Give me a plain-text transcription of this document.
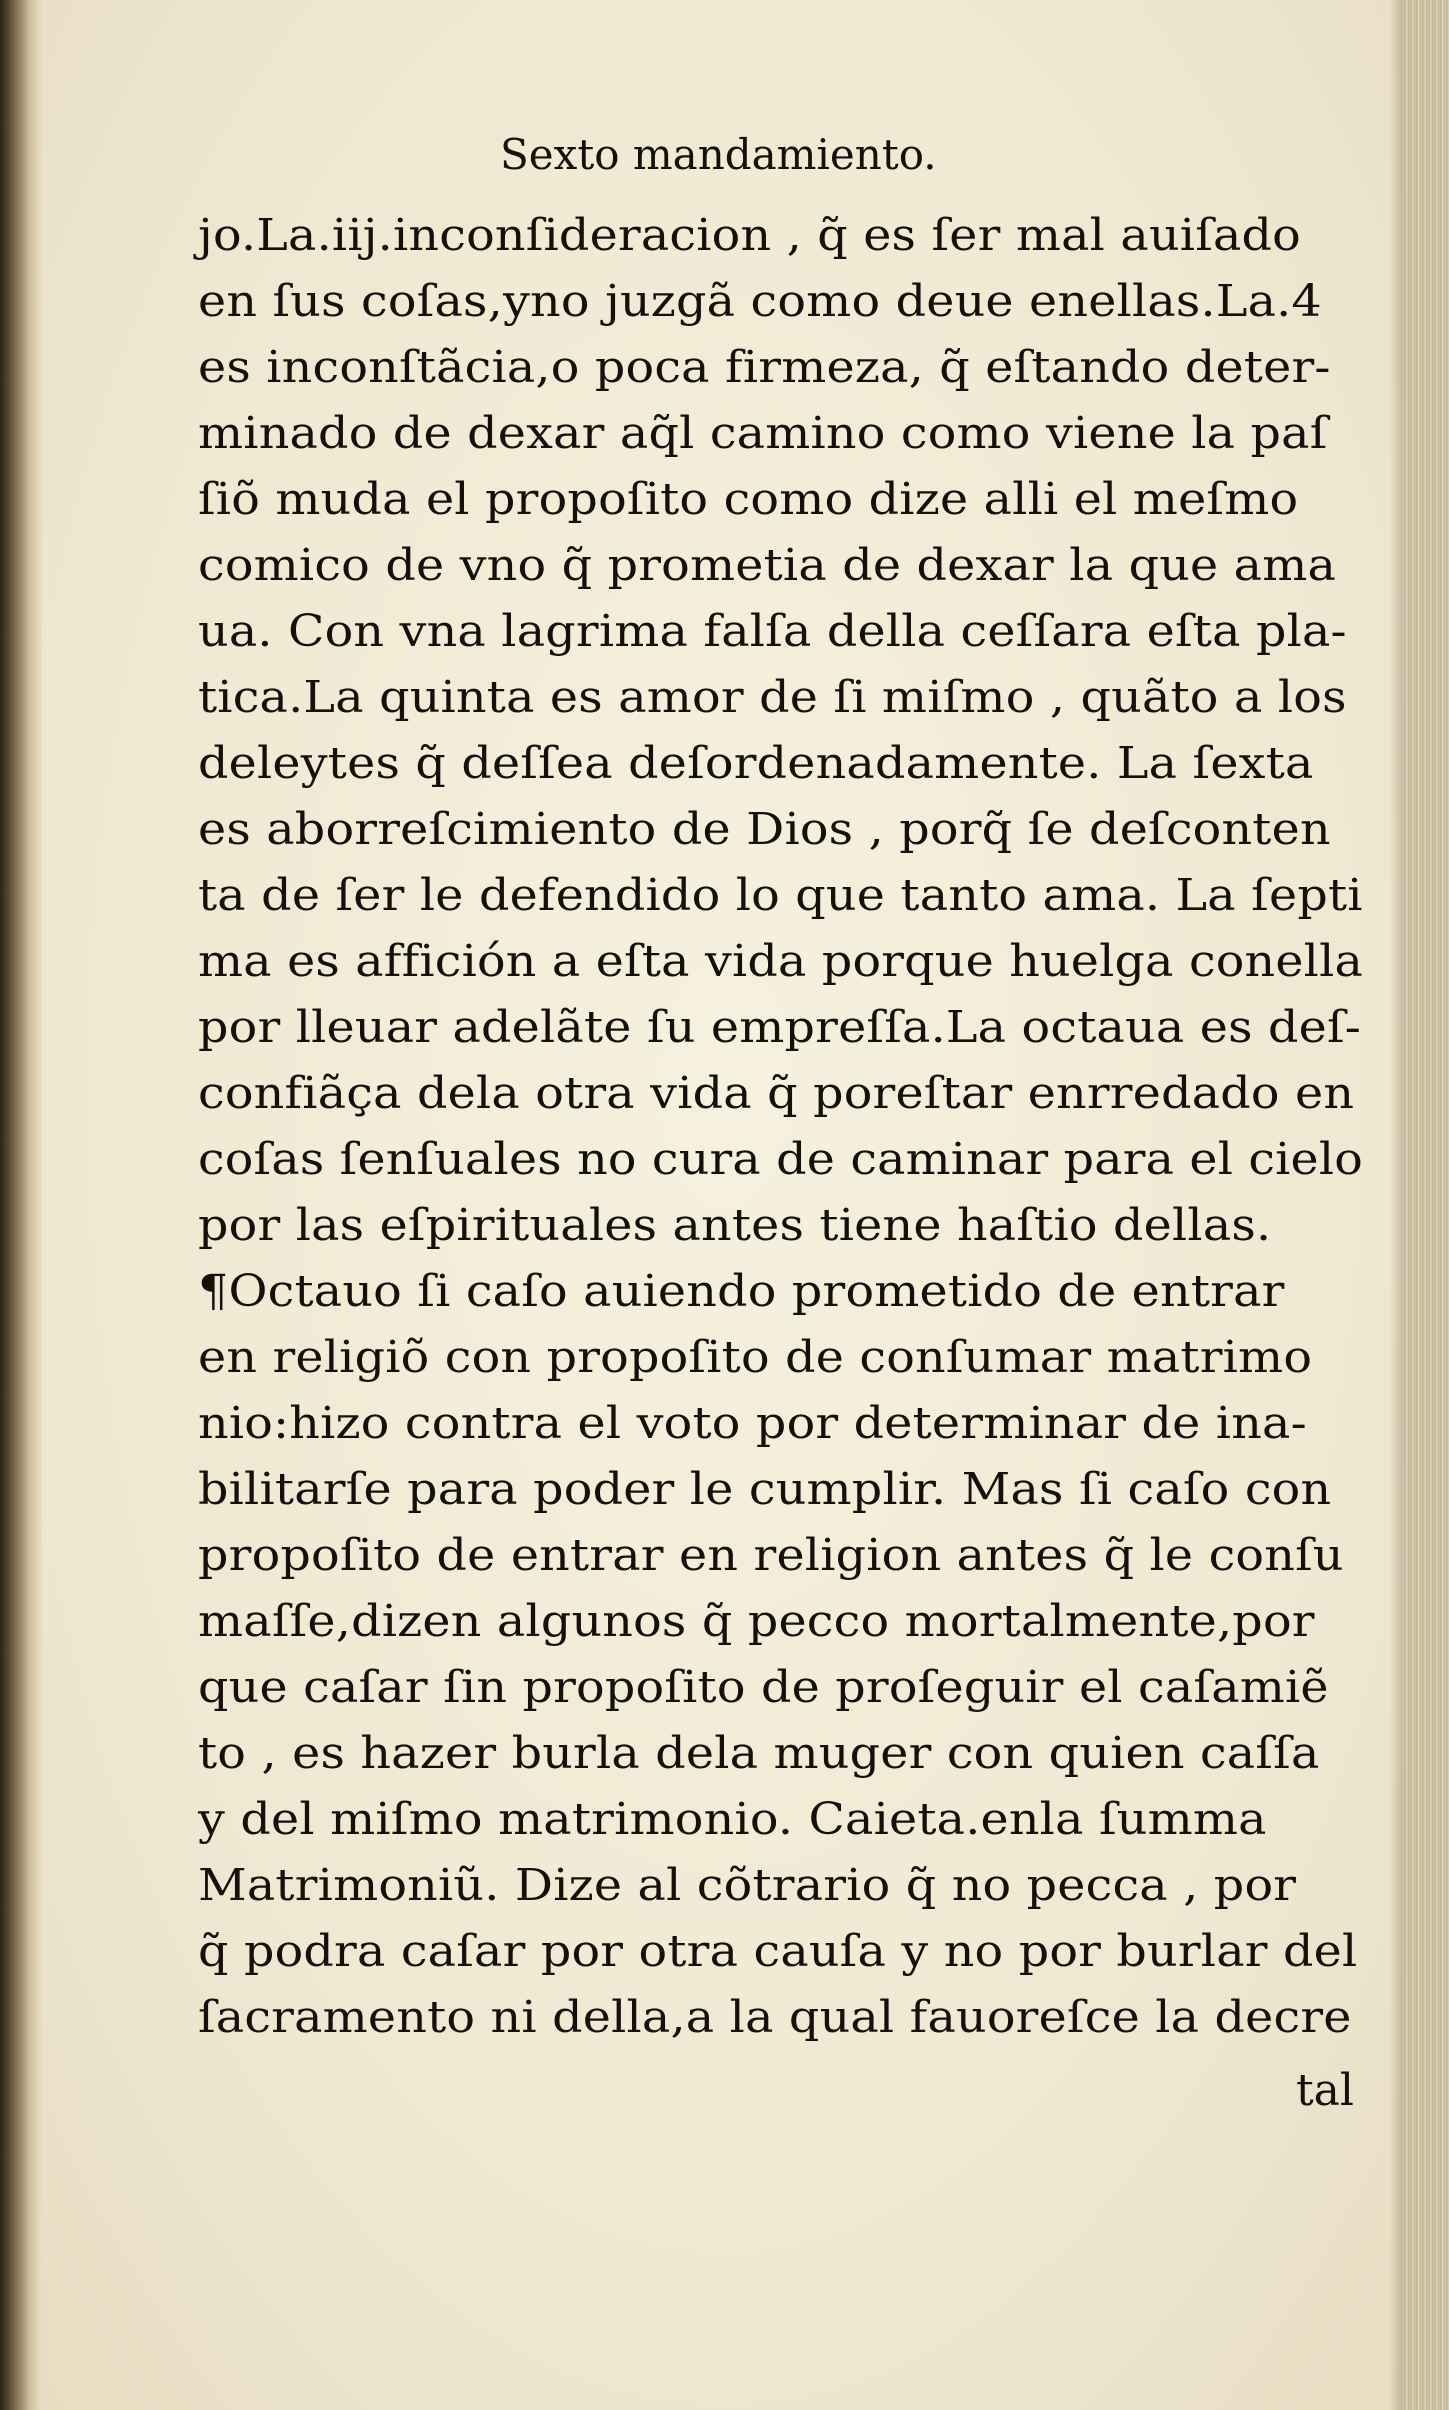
Sexto mandamiento.
jo.La.iij.inconſideracion , q̃ es ſer mal auiſado
en ſus coſas,yno juzgã como deue enellas.La.4
es inconſtãcia,o poca firmeza, q̃ eſtando deter-
minado de dexar aq̃l camino como viene la paſ
ſiõ muda el propoſito como dize alli el meſmo
comico de vno q̃ prometia de dexar la que ama
ua. Con vna lagrima falſa della ceſſara eſta pla-
tica.La quinta es amor de ſi miſmo , quãto a los
deleytes q̃ deſſea deſordenadamente. La ſexta
es aborreſcimiento de Dios , porq̃ ſe deſconten
ta de ſer le defendido lo que tanto ama. La ſepti
ma es affición a eſta vida porque huelga conella
por lleuar adelãte ſu empreſſa.La octaua es deſ-
confiãça dela otra vida q̃ poreſtar enrredado en
coſas ſenſuales no cura de caminar para el cielo
por las eſpirituales antes tiene haſtio dellas.
¶Octauo ſi caſo auiendo prometido de entrar
en religiõ con propoſito de conſumar matrimo
nio:hizo contra el voto por determinar de ina-
bilitarſe para poder le cumplir. Mas ſi caſo con
propoſito de entrar en religion antes q̃ le conſu
maſſe,dizen algunos q̃ pecco mortalmente,por
que caſar ſin propoſito de proſeguir el caſamiẽ
to , es hazer burla dela muger con quien caſſa
y del miſmo matrimonio. Caieta.enla ſumma
Matrimoniũ. Dize al cõtrario q̃ no pecca , por
q̃ podra caſar por otra cauſa y no por burlar del
ſacramento ni della,a la qual fauoreſce la decre
tal
